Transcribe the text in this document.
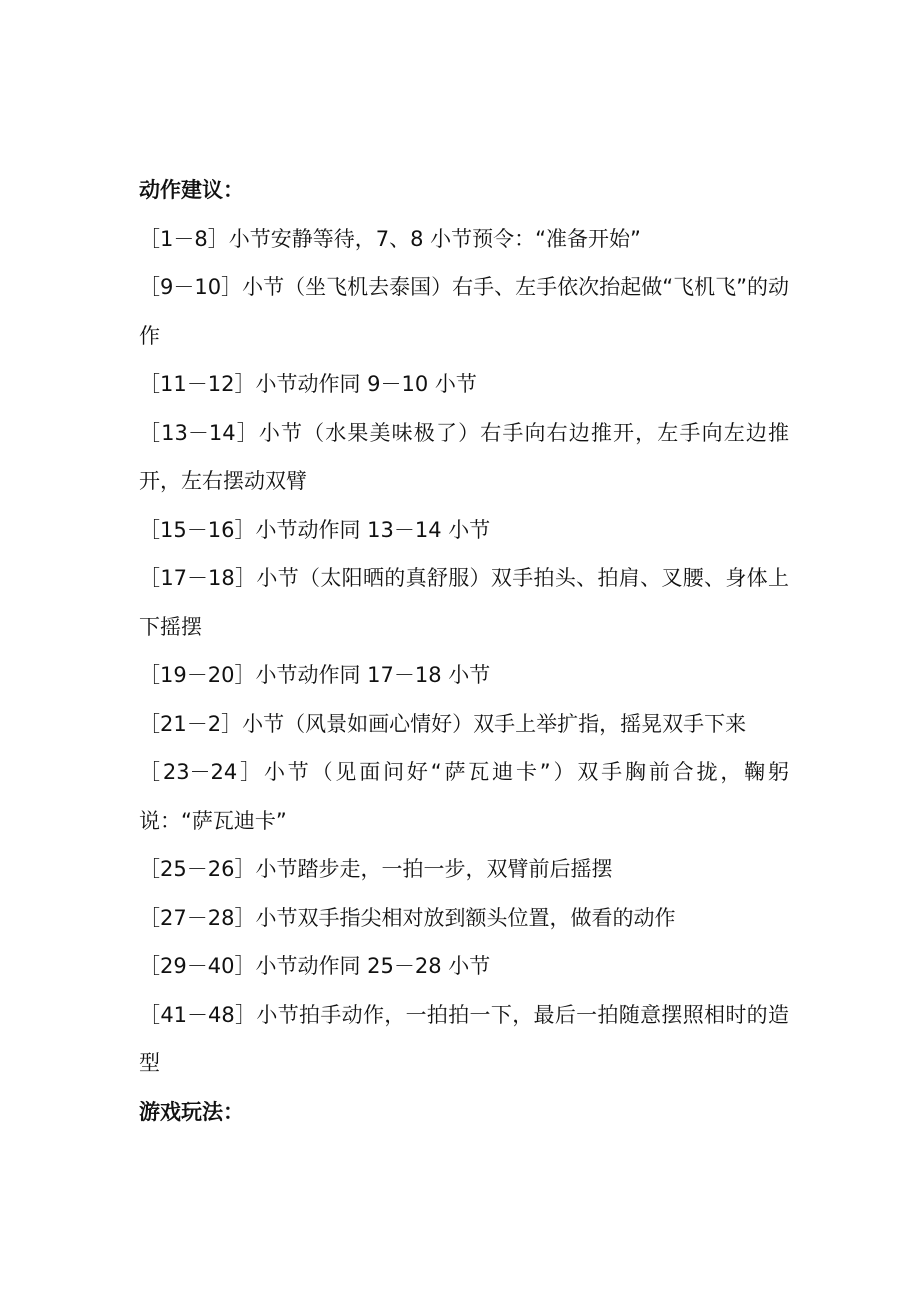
动作建议：

［1－8］小节安静等待，7、8 小节预令：“准备开始”

［9－10］小节（坐飞机去泰国）右手、左手依次抬起做“飞机飞”的动作

［11－12］小节动作同 9－10 小节

［13－14］小节（水果美味极了）右手向右边推开，左手向左边推开，左右摆动双臂

［15－16］小节动作同 13－14 小节

［17－18］小节（太阳晒的真舒服）双手拍头、拍肩、叉腰、身体上下摇摆

［19－20］小节动作同 17－18 小节

［21－2］小节（风景如画心情好）双手上举扩指，摇晃双手下来

［23－24］小节（见面问好“萨瓦迪卡”）双手胸前合拢，鞠躬说：“萨瓦迪卡”

［25－26］小节踏步走，一拍一步，双臂前后摇摆

［27－28］小节双手指尖相对放到额头位置，做看的动作

［29－40］小节动作同 25－28 小节

［41－48］小节拍手动作，一拍拍一下，最后一拍随意摆照相时的造型

游戏玩法：
